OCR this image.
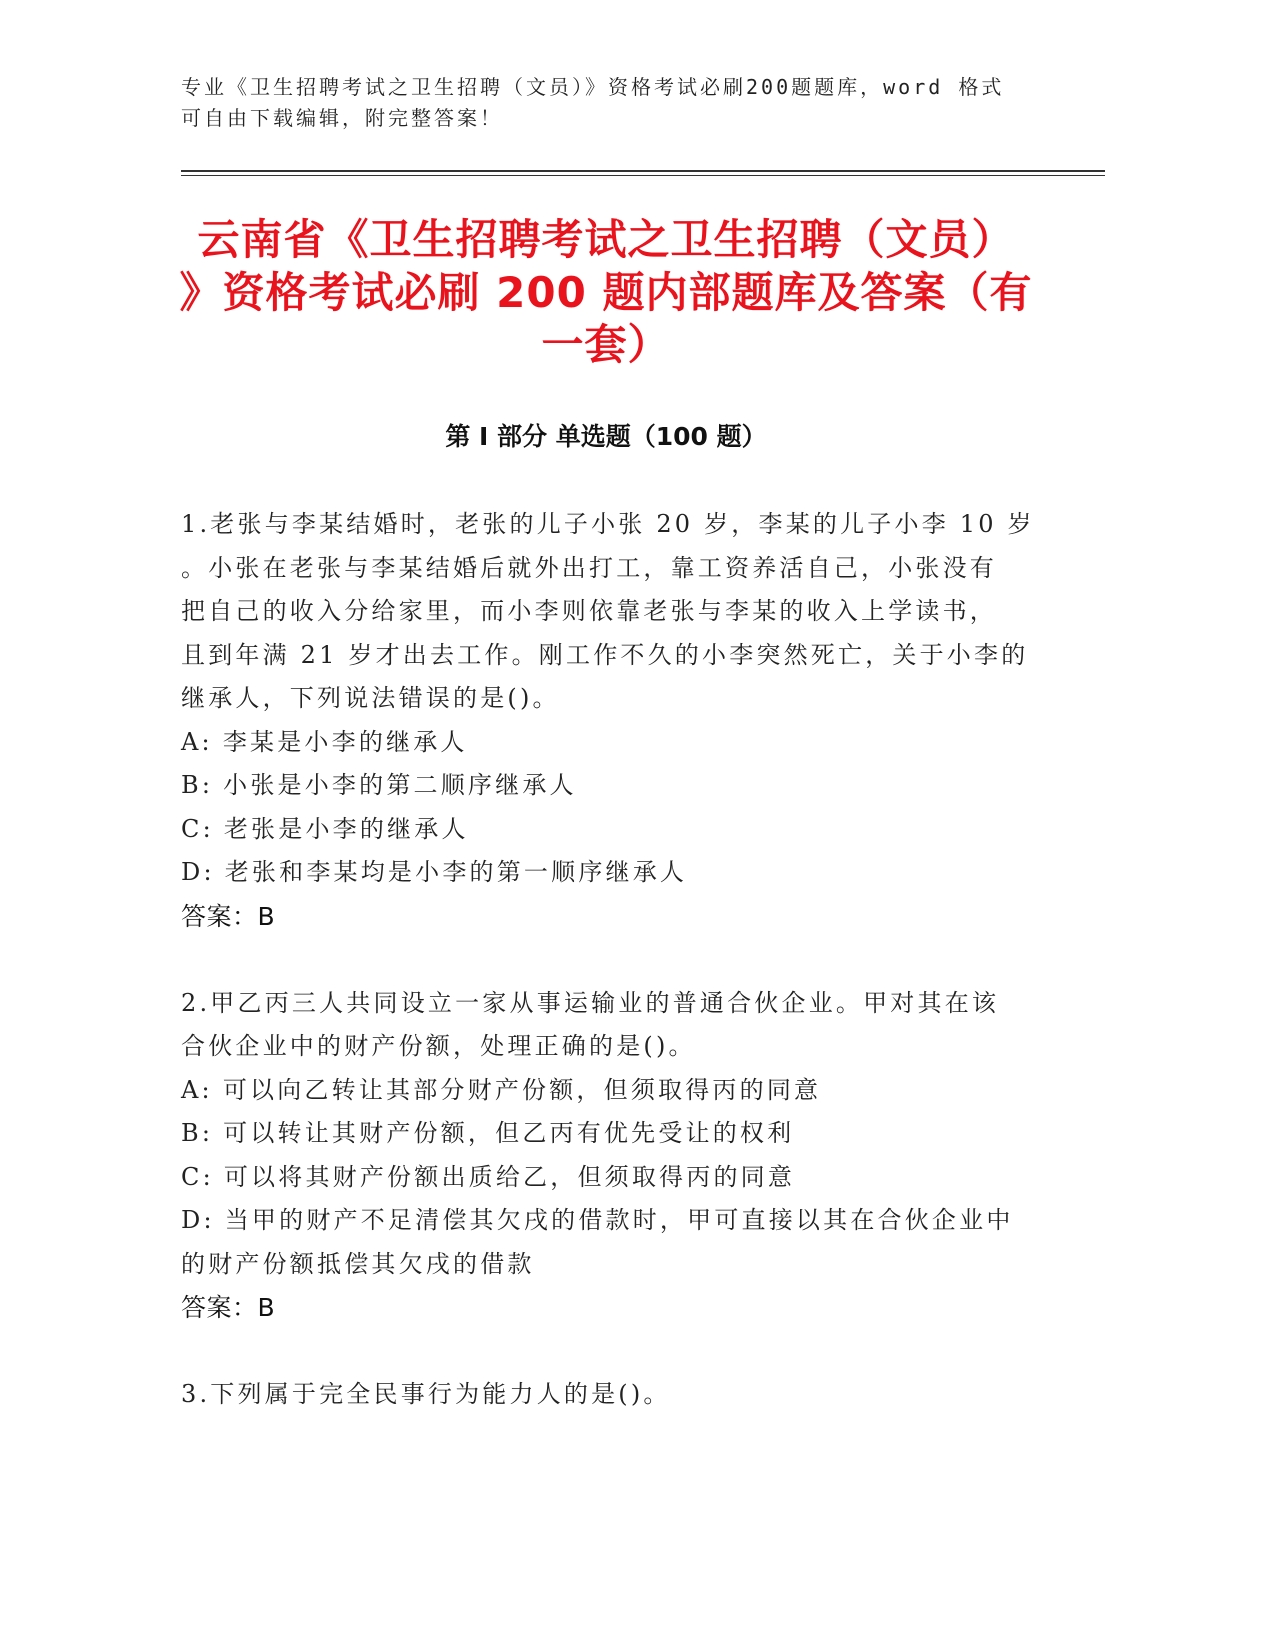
专业《卫生招聘考试之卫生招聘（文员）》资格考试必刷200题题库，word 格式
可自由下载编辑，附完整答案！
云南省《卫生招聘考试之卫生招聘（文员）
》资格考试必刷 200 题内部题库及答案（有
一套）
第 I 部分 单选题（100 题）
1.老张与李某结婚时，老张的儿子小张 20 岁，李某的儿子小李 10 岁
。小张在老张与李某结婚后就外出打工，靠工资养活自己，小张没有
把自己的收入分给家里，而小李则依靠老张与李某的收入上学读书，
且到年满 21 岁才出去工作。刚工作不久的小李突然死亡，关于小李的
继承人，下列说法错误的是()。
A: 李某是小李的继承人
B: 小张是小李的第二顺序继承人
C: 老张是小李的继承人
D: 老张和李某均是小李的第一顺序继承人
答案：B
2.甲乙丙三人共同设立一家从事运输业的普通合伙企业。甲对其在该
合伙企业中的财产份额，处理正确的是()。
A: 可以向乙转让其部分财产份额，但须取得丙的同意
B: 可以转让其财产份额，但乙丙有优先受让的权利
C: 可以将其财产份额出质给乙，但须取得丙的同意
D: 当甲的财产不足清偿其欠戌的借款时，甲可直接以其在合伙企业中
的财产份额抵偿其欠戌的借款
答案：B
3.下列属于完全民事行为能力人的是()。
